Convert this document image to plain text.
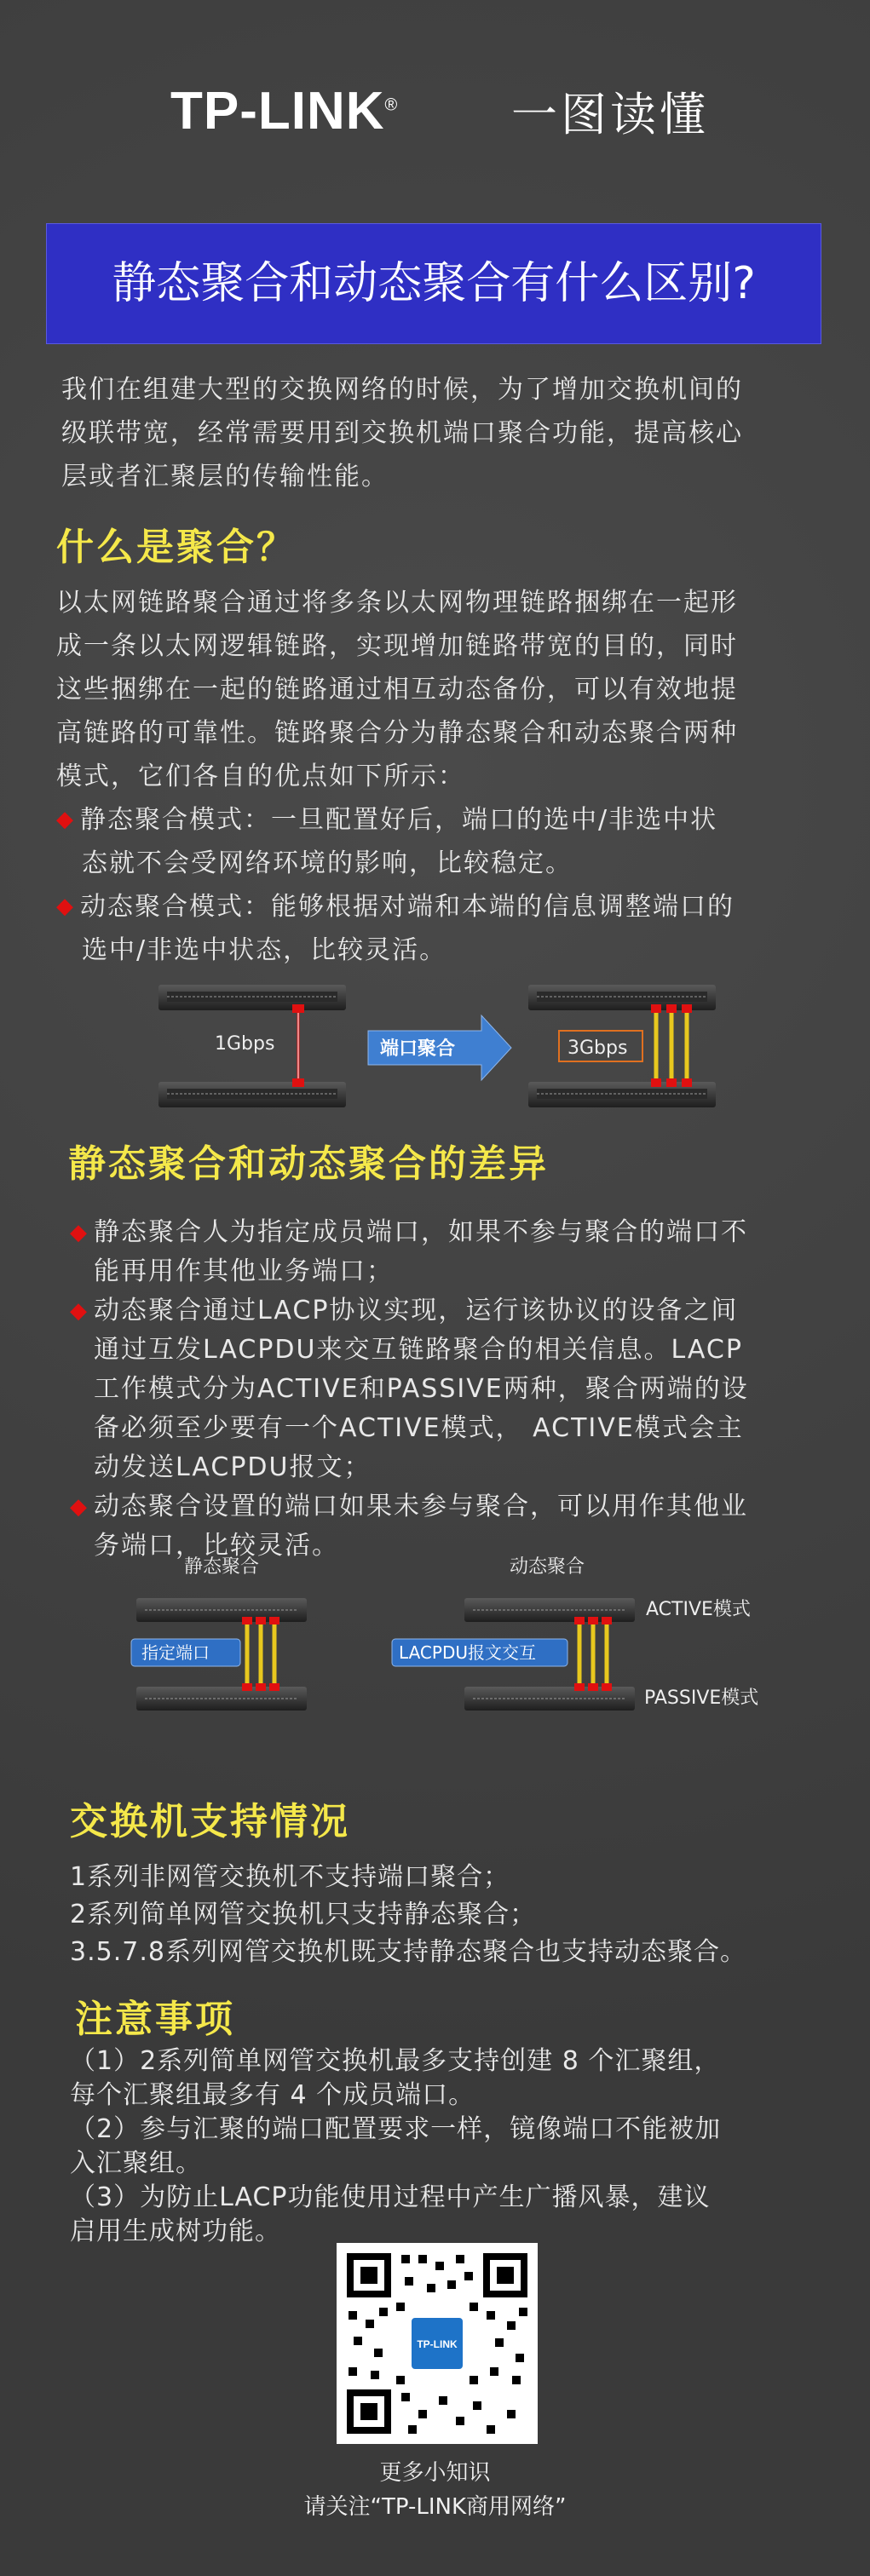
TP-LINK® 一图读懂
静态聚合和动态聚合有什么区别?
我们在组建大型的交换网络的时候，为了增加交换机间的
级联带宽，经常需要用到交换机端口聚合功能，提高核心
层或者汇聚层的传输性能。
什么是聚合？
以太网链路聚合通过将多条以太网物理链路捆绑在一起形
成一条以太网逻辑链路，实现增加链路带宽的目的，同时
这些捆绑在一起的链路通过相互动态备份，可以有效地提
高链路的可靠性。链路聚合分为静态聚合和动态聚合两种
模式，它们各自的优点如下所示：
◆ 静态聚合模式：一旦配置好后，端口的选中/非选中状
态就不会受网络环境的影响，比较稳定。
◆ 动态聚合模式：能够根据对端和本端的信息调整端口的
选中/非选中状态，比较灵活。
1Gbps	端口聚合	3Gbps
静态聚合和动态聚合的差异
◆ 静态聚合人为指定成员端口，如果不参与聚合的端口不
能再用作其他业务端口；
◆ 动态聚合通过LACP协议实现，运行该协议的设备之间
通过互发LACPDU来交互链路聚合的相关信息。LACP
工作模式分为ACTIVE和PASSIVE两种，聚合两端的设
备必须至少要有一个ACTIVE模式， ACTIVE模式会主
动发送LACPDU报文；
◆ 动态聚合设置的端口如果未参与聚合，可以用作其他业
务端口，比较灵活。
静态聚合	动态聚合
指定端口	LACPDU报文交互
ACTIVE模式
PASSIVE模式
交换机支持情况
1系列非网管交换机不支持端口聚合；
2系列简单网管交换机只支持静态聚合；
3.5.7.8系列网管交换机既支持静态聚合也支持动态聚合。
注意事项
（1）2系列简单网管交换机最多支持创建 8 个汇聚组，
每个汇聚组最多有 4 个成员端口。
（2）参与汇聚的端口配置要求一样，镜像端口不能被加
入汇聚组。
（3）为防止LACP功能使用过程中产生广播风暴，建议
启用生成树功能。
TP-LINK
更多小知识
请关注“TP-LINK商用网络”
